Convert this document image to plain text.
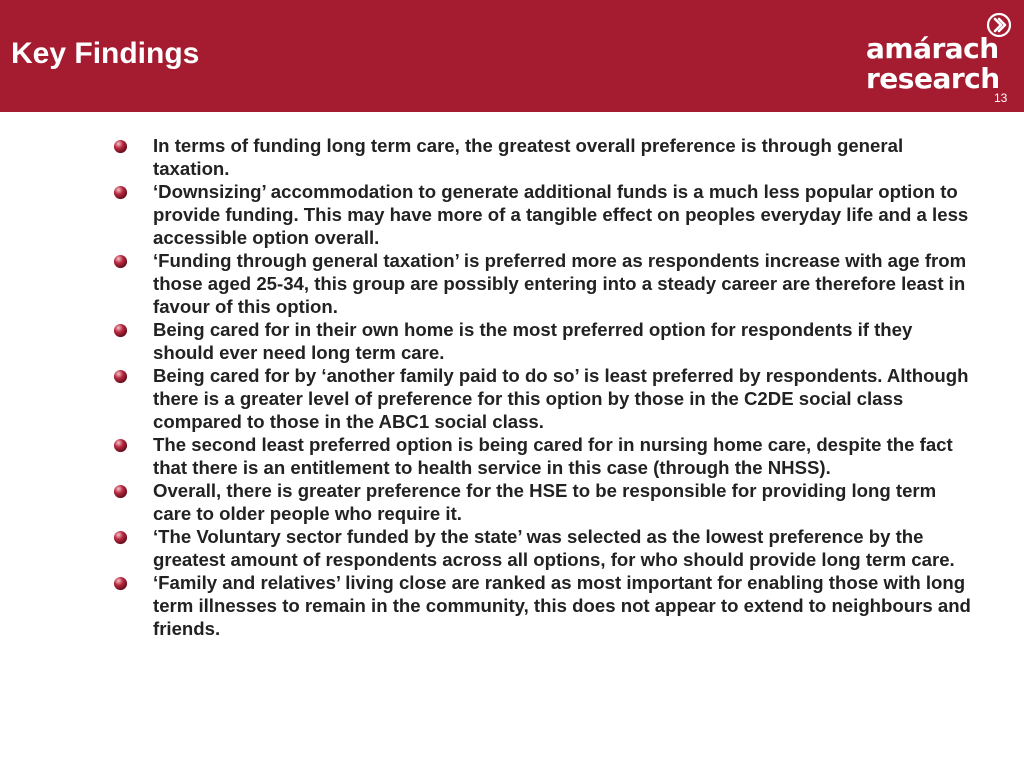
Key Findings	amárach
research
13
In terms of funding long term care, the greatest overall preference is through general taxation.
‘Downsizing’ accommodation to generate additional funds is a much less popular option to provide funding. This may have more of a tangible effect on peoples everyday life and a less accessible option overall.
‘Funding through general taxation’ is preferred more as respondents increase with age from those aged 25-34, this group are possibly entering into a steady career are therefore least in favour of this option.
Being cared for in their own home is the most preferred option for respondents if they should ever need long term care.
Being cared for by ‘another family paid to do so’ is least preferred by respondents. Although there is a greater level of preference for this option by those in the C2DE social class compared to those in the ABC1 social class.
The second least preferred option is being cared for in nursing home care, despite the fact that there is an entitlement to health service in this case (through the NHSS).
Overall, there is greater preference for the HSE to be responsible for providing long term care to older people who require it.
‘The Voluntary sector funded by the state’ was selected as the lowest preference by the greatest amount of respondents across all options, for who should provide long term care.
‘Family and relatives’ living close are ranked as most important for enabling those with long term illnesses to remain in the community, this does not appear to extend to neighbours and friends.
